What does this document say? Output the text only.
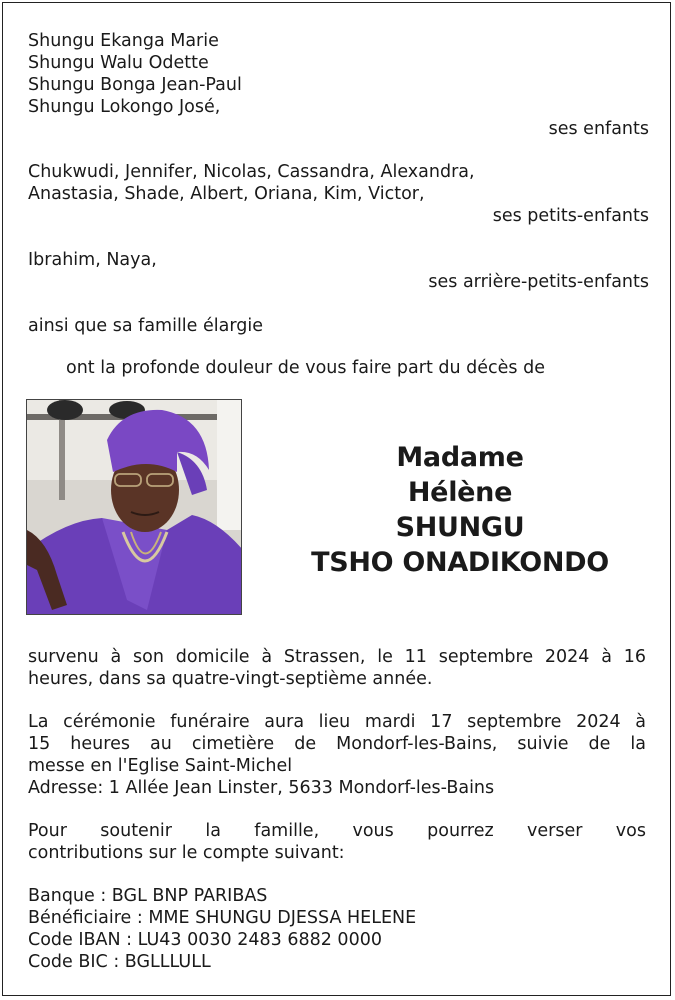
Shungu Ekanga Marie
Shungu Walu Odette
Shungu Bonga Jean-Paul
Shungu Lokongo José,
ses enfants
Chukwudi, Jennifer, Nicolas, Cassandra, Alexandra,
Anastasia, Shade, Albert, Oriana, Kim, Victor,
ses petits-enfants
Ibrahim, Naya,
ses arrière-petits-enfants
ainsi que sa famille élargie
ont la profonde douleur de vous faire part du décès de
Madame
Hélène
SHUNGU
TSHO ONADIKONDO
survenu à son domicile à Strassen, le 11 septembre 2024 à 16
heures, dans sa quatre-vingt-septième année.
La cérémonie funéraire aura lieu mardi 17 septembre 2024 à
15 heures au cimetière de Mondorf-les-Bains, suivie de la
messe en l'Eglise Saint-Michel
Adresse: 1 Allée Jean Linster, 5633 Mondorf-les-Bains
Pour soutenir la famille, vous pourrez verser vos
contributions sur le compte suivant:
Banque : BGL BNP PARIBAS
Bénéficiaire : MME SHUNGU DJESSA HELENE
Code IBAN : LU43 0030 2483 6882 0000
Code BIC : BGLLLULL
